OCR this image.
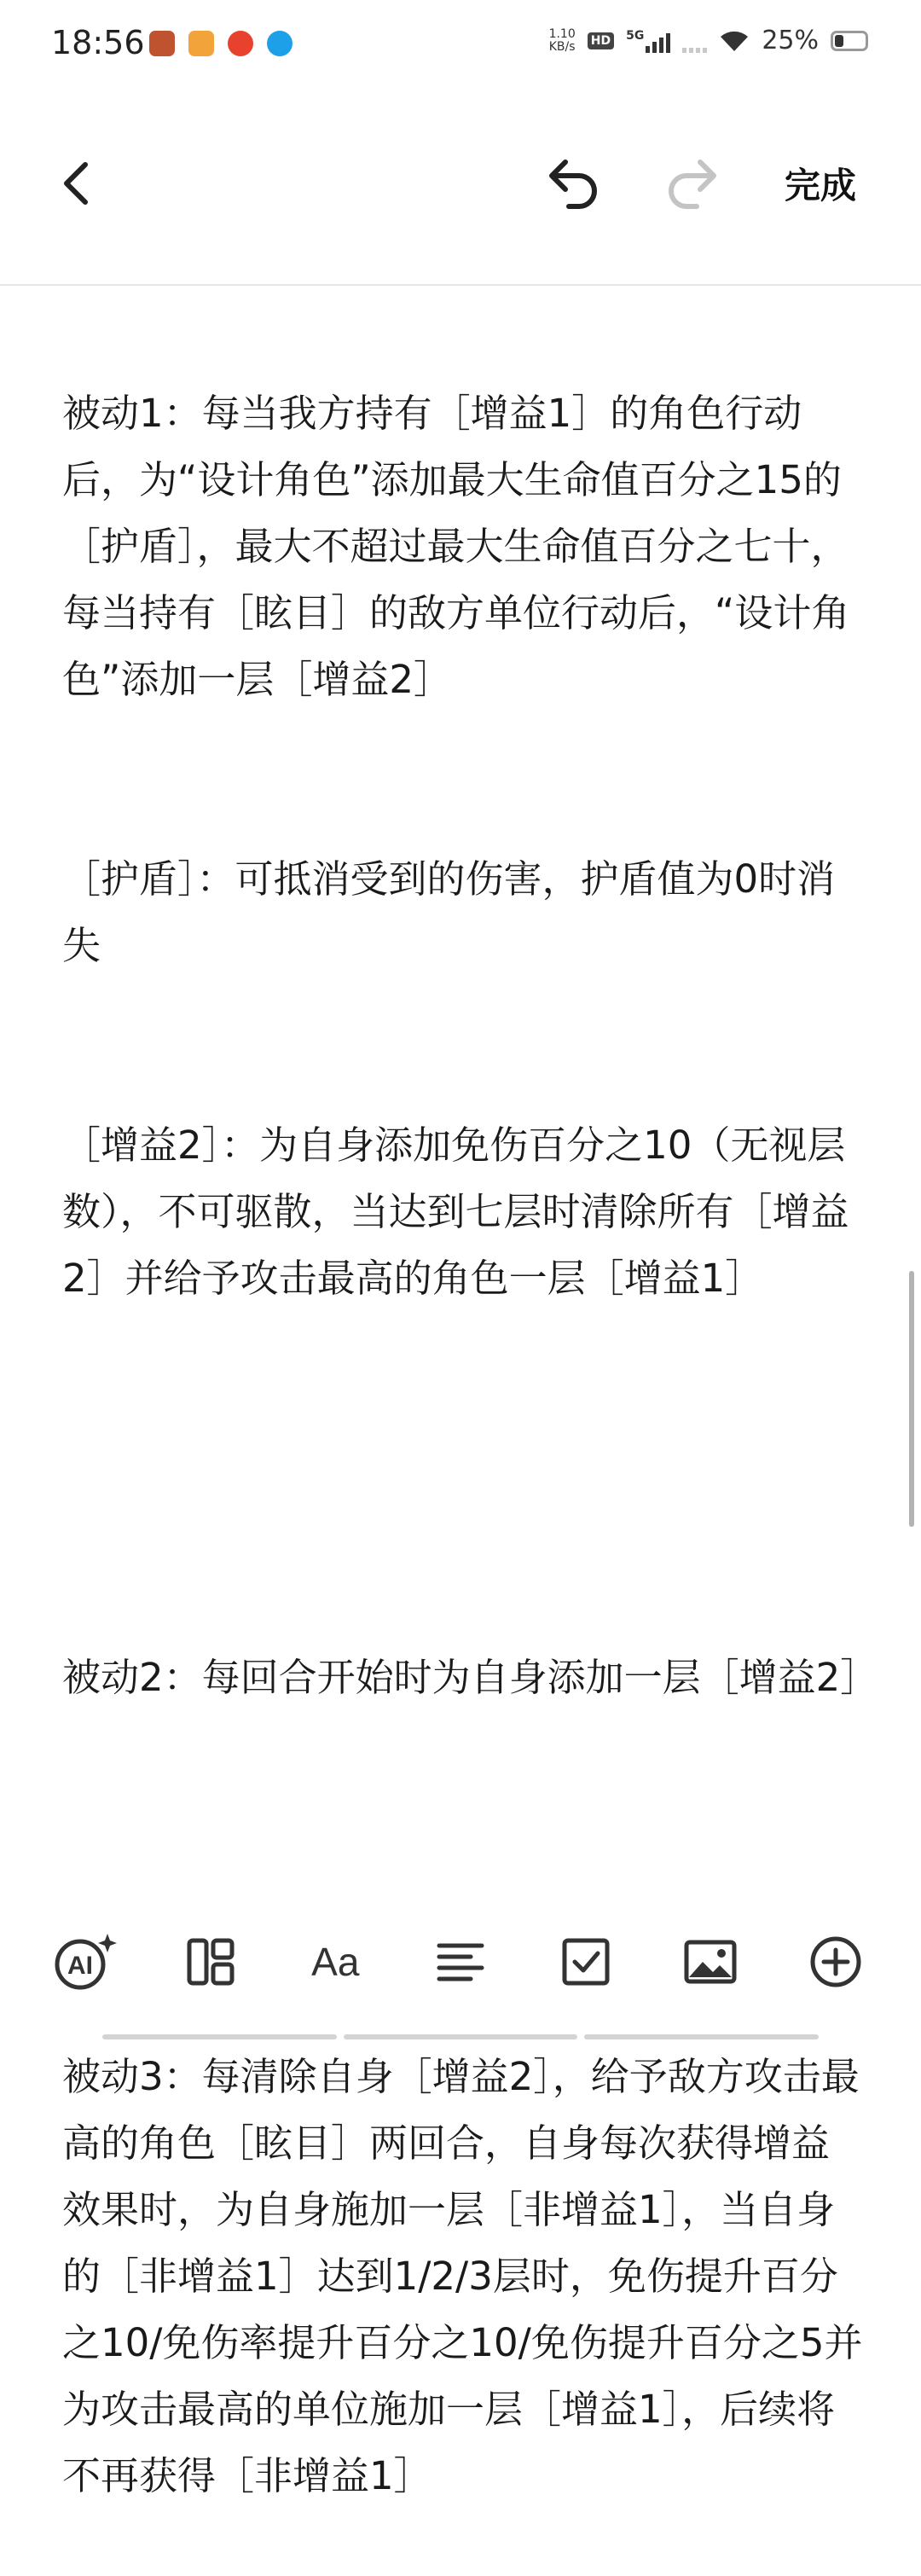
18:56	1.10
KB/s HD 5G	25%
完成

被动1：每当我方持有［增益1］的角色行动后，为“设计角色”添加最大生命值百分之15的［护盾］，最大不超过最大生命值百分之七十，每当持有［眩目］的敌方单位行动后，“设计角色”添加一层［增益2］

［护盾］：可抵消受到的伤害，护盾值为0时消失

［增益2］：为自身添加免伤百分之10（无视层数），不可驱散，当达到七层时清除所有［增益2］并给予攻击最高的角色一层［增益1］

被动2：每回合开始时为自身添加一层［增益2］

被动3：每清除自身［增益2］，给予敌方攻击最高的角色［眩目］两回合，自身每次获得增益效果时，为自身施加一层［非增益1］，当自身的［非增益1］达到1/2/3层时，免伤提升百分之10/免伤率提升百分之10/免伤提升百分之5并为攻击最高的单位施加一层［增益1］，后续将不再获得［非增益1］

AI	Aa
